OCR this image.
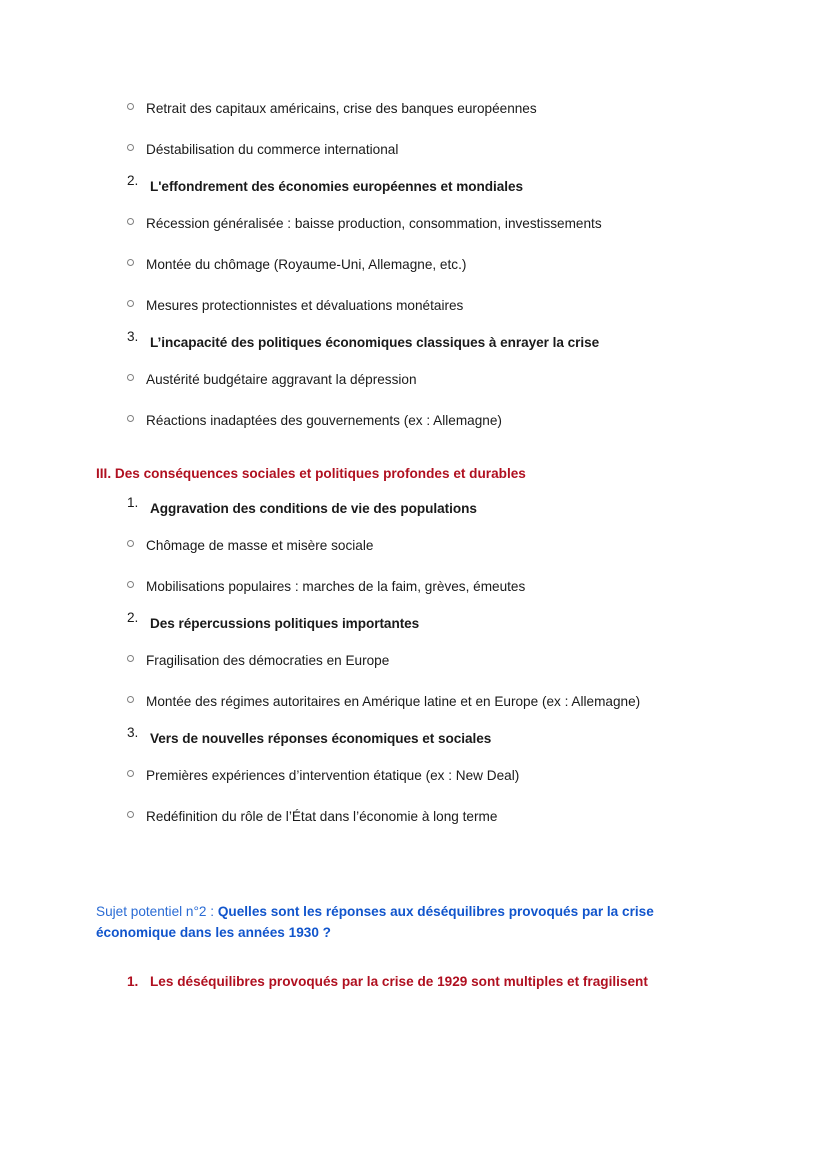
Retrait des capitaux américains, crise des banques européennes
Déstabilisation du commerce international
2. L'effondrement des économies européennes et mondiales
Récession généralisée : baisse production, consommation, investissements
Montée du chômage (Royaume-Uni, Allemagne, etc.)
Mesures protectionnistes et dévaluations monétaires
3. L’incapacité des politiques économiques classiques à enrayer la crise
Austérité budgétaire aggravant la dépression
Réactions inadaptées des gouvernements (ex : Allemagne)
III. Des conséquences sociales et politiques profondes et durables
1. Aggravation des conditions de vie des populations
Chômage de masse et misère sociale
Mobilisations populaires : marches de la faim, grèves, émeutes
2. Des répercussions politiques importantes
Fragilisation des démocraties en Europe
Montée des régimes autoritaires en Amérique latine et en Europe (ex : Allemagne)
3. Vers de nouvelles réponses économiques et sociales
Premières expériences d’intervention étatique (ex : New Deal)
Redéfinition du rôle de l’État dans l’économie à long terme

Sujet potentiel n°2 : Quelles sont les réponses aux déséquilibres provoqués par la crise économique dans les années 1930 ?

1. Les déséquilibres provoqués par la crise de 1929 sont multiples et fragilisent
